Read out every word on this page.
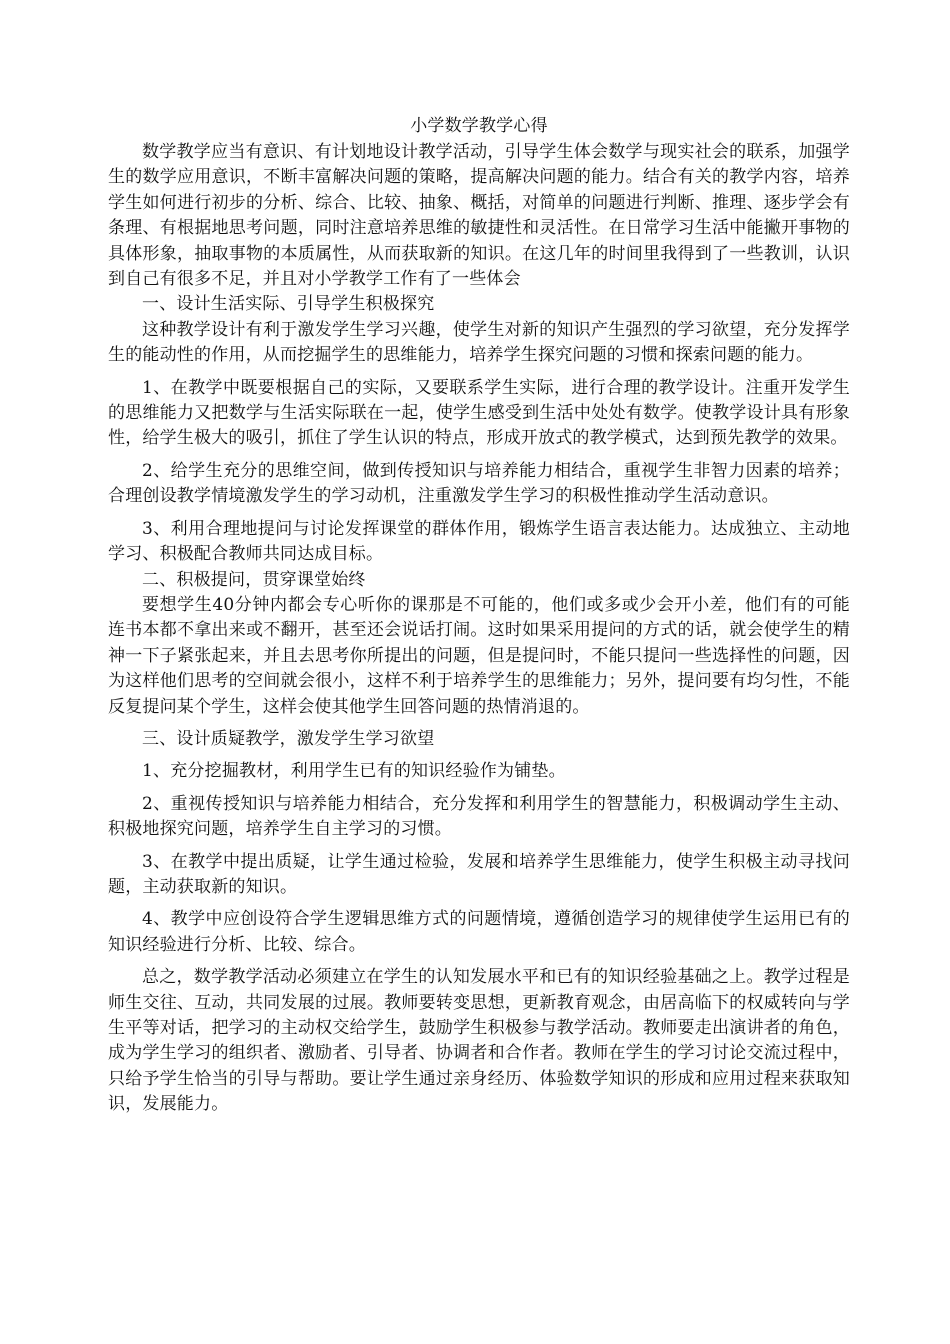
小学数学教学心得

数学教学应当有意识、有计划地设计教学活动，引导学生体会数学与现实社会的联系，加强学生的数学应用意识，不断丰富解决问题的策略，提高解决问题的能力。结合有关的教学内容，培养学生如何进行初步的分析、综合、比较、抽象、概括，对简单的问题进行判断、推理、逐步学会有条理、有根据地思考问题，同时注意培养思维的敏捷性和灵活性。在日常学习生活中能撇开事物的具体形象，抽取事物的本质属性，从而获取新的知识。在这几年的时间里我得到了一些教训，认识到自己有很多不足，并且对小学教学工作有了一些体会

一、设计生活实际、引导学生积极探究

这种教学设计有利于激发学生学习兴趣，使学生对新的知识产生强烈的学习欲望，充分发挥学生的能动性的作用，从而挖掘学生的思维能力，培养学生探究问题的习惯和探索问题的能力。

1、在教学中既要根据自己的实际，又要联系学生实际，进行合理的教学设计。注重开发学生的思维能力又把数学与生活实际联在一起，使学生感受到生活中处处有数学。使教学设计具有形象性，给学生极大的吸引，抓住了学生认识的特点，形成开放式的教学模式，达到预先教学的效果。

2、给学生充分的思维空间，做到传授知识与培养能力相结合，重视学生非智力因素的培养；合理创设教学情境激发学生的学习动机，注重激发学生学习的积极性推动学生活动意识。

3、利用合理地提问与讨论发挥课堂的群体作用，锻炼学生语言表达能力。达成独立、主动地学习、积极配合教师共同达成目标。

二、积极提问，贯穿课堂始终

要想学生40分钟内都会专心听你的课那是不可能的，他们或多或少会开小差，他们有的可能连书本都不拿出来或不翻开，甚至还会说话打闹。这时如果采用提问的方式的话，就会使学生的精神一下子紧张起来，并且去思考你所提出的问题，但是提问时，不能只提问一些选择性的问题，因为这样他们思考的空间就会很小，这样不利于培养学生的思维能力；另外，提问要有均匀性，不能反复提问某个学生，这样会使其他学生回答问题的热情消退的。

三、设计质疑教学，激发学生学习欲望

1、充分挖掘教材，利用学生已有的知识经验作为铺垫。

2、重视传授知识与培养能力相结合，充分发挥和利用学生的智慧能力，积极调动学生主动、积极地探究问题，培养学生自主学习的习惯。

3、在教学中提出质疑，让学生通过检验，发展和培养学生思维能力，使学生积极主动寻找问题，主动获取新的知识。

4、教学中应创设符合学生逻辑思维方式的问题情境，遵循创造学习的规律使学生运用已有的知识经验进行分析、比较、综合。

总之，数学教学活动必须建立在学生的认知发展水平和已有的知识经验基础之上。教学过程是师生交往、互动，共同发展的过展。教师要转变思想，更新教育观念，由居高临下的权威转向与学生平等对话，把学习的主动权交给学生，鼓励学生积极参与教学活动。教师要走出演讲者的角色，成为学生学习的组织者、激励者、引导者、协调者和合作者。教师在学生的学习讨论交流过程中，只给予学生恰当的引导与帮助。要让学生通过亲身经历、体验数学知识的形成和应用过程来获取知识，发展能力。
